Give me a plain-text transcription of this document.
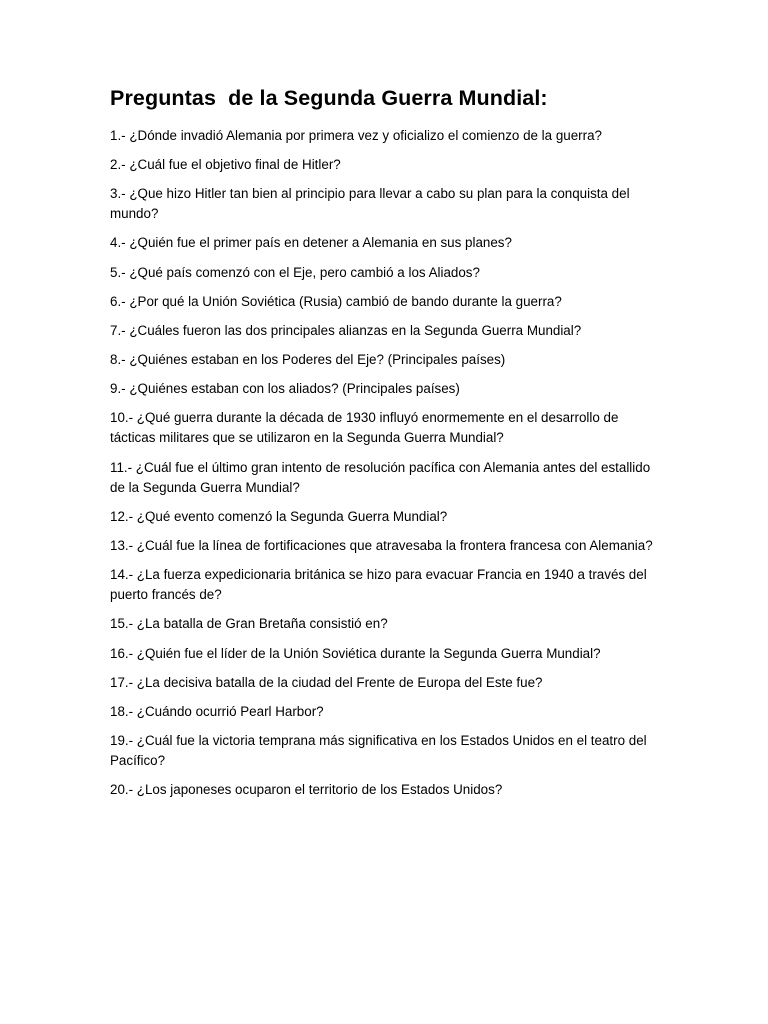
Preguntas  de la Segunda Guerra Mundial:
1.- ¿Dónde invadió Alemania por primera vez y oficializo el comienzo de la guerra?
2.- ¿Cuál fue el objetivo final de Hitler?
3.- ¿Que hizo Hitler tan bien al principio para llevar a cabo su plan para la conquista del mundo?
4.- ¿Quién fue el primer país en detener a Alemania en sus planes?
5.- ¿Qué país comenzó con el Eje, pero cambió a los Aliados?
6.- ¿Por qué la Unión Soviética (Rusia) cambió de bando durante la guerra?
7.- ¿Cuáles fueron las dos principales alianzas en la Segunda Guerra Mundial?
8.- ¿Quiénes estaban en los Poderes del Eje? (Principales países)
9.- ¿Quiénes estaban con los aliados? (Principales países)
10.- ¿Qué guerra durante la década de 1930 influyó enormemente en el desarrollo de tácticas militares que se utilizaron en la Segunda Guerra Mundial?
11.- ¿Cuál fue el último gran intento de resolución pacífica con Alemania antes del estallido de la Segunda Guerra Mundial?
12.- ¿Qué evento comenzó la Segunda Guerra Mundial?
13.- ¿Cuál fue la línea de fortificaciones que atravesaba la frontera francesa con Alemania?
14.- ¿La fuerza expedicionaria británica se hizo para evacuar Francia en 1940 a través del puerto francés de?
15.- ¿La batalla de Gran Bretaña consistió en?
16.- ¿Quién fue el líder de la Unión Soviética durante la Segunda Guerra Mundial?
17.- ¿La decisiva batalla de la ciudad del Frente de Europa del Este fue?
18.- ¿Cuándo ocurrió Pearl Harbor?
19.- ¿Cuál fue la victoria temprana más significativa en los Estados Unidos en el teatro del Pacífico?
20.- ¿Los japoneses ocuparon el territorio de los Estados Unidos?
